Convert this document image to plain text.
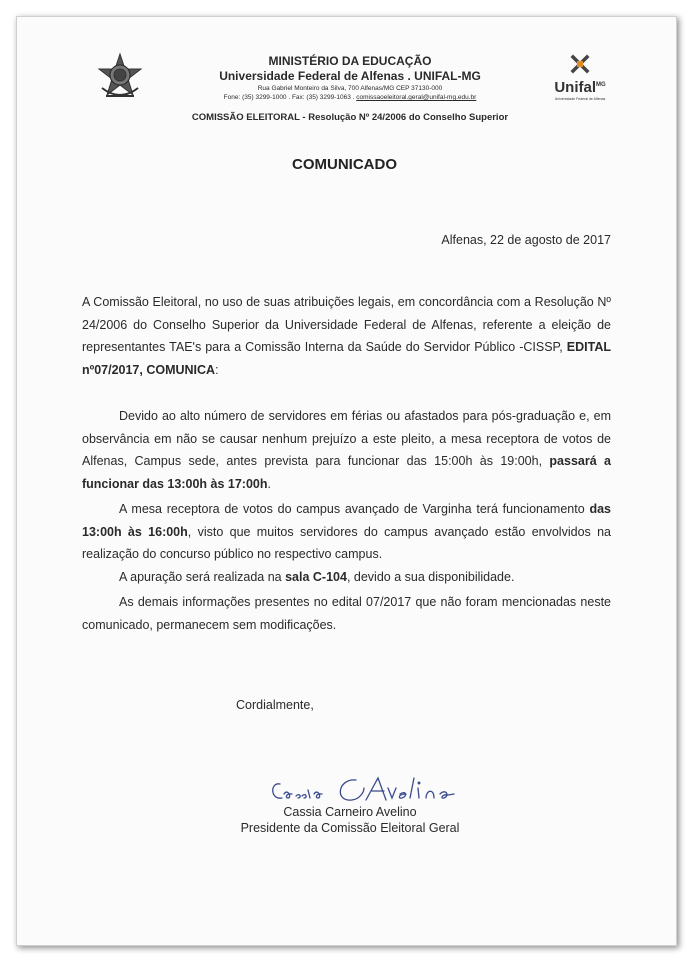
MINISTÉRIO DA EDUCAÇÃO
Universidade Federal de Alfenas . UNIFAL-MG
Rua Gabriel Monteiro da Silva, 700 Alfenas/MG CEP 37130-000
Fone: (35) 3299-1000 . Fax: (35) 3299-1063 . comissaoeleitoral.geral@unifal-mg.edu.br
Unifal$^{MG}$
Universidade Federal de Alfenas
COMISSÃO ELEITORAL - Resolução Nº 24/2006 do Conselho Superior
COMUNICADO
Alfenas, 22 de agosto de 2017
A Comissão Eleitoral, no uso de suas atribuições legais, em concordância com a Resolução Nº 24/2006 do Conselho Superior da Universidade Federal de Alfenas, referente a eleição de representantes TAE's para a Comissão Interna da Saúde do Servidor Público -CISSP, EDITAL nº07/2017, COMUNICA:
Devido ao alto número de servidores em férias ou afastados para pós-graduação e, em observância em não se causar nenhum prejuízo a este pleito, a mesa receptora de votos de Alfenas, Campus sede, antes prevista para funcionar das 15:00h às 19:00h, passará a funcionar das 13:00h às 17:00h.
A mesa receptora de votos do campus avançado de Varginha terá funcionamento das 13:00h às 16:00h, visto que muitos servidores do campus avançado estão envolvidos na realização do concurso público no respectivo campus.
A apuração será realizada na sala C-104, devido a sua disponibilidade.
As demais informações presentes no edital 07/2017 que não foram mencionadas neste comunicado, permanecem sem modificações.
Cordialmente,
Cassia Carneiro Avelino
Presidente da Comissão Eleitoral Geral
